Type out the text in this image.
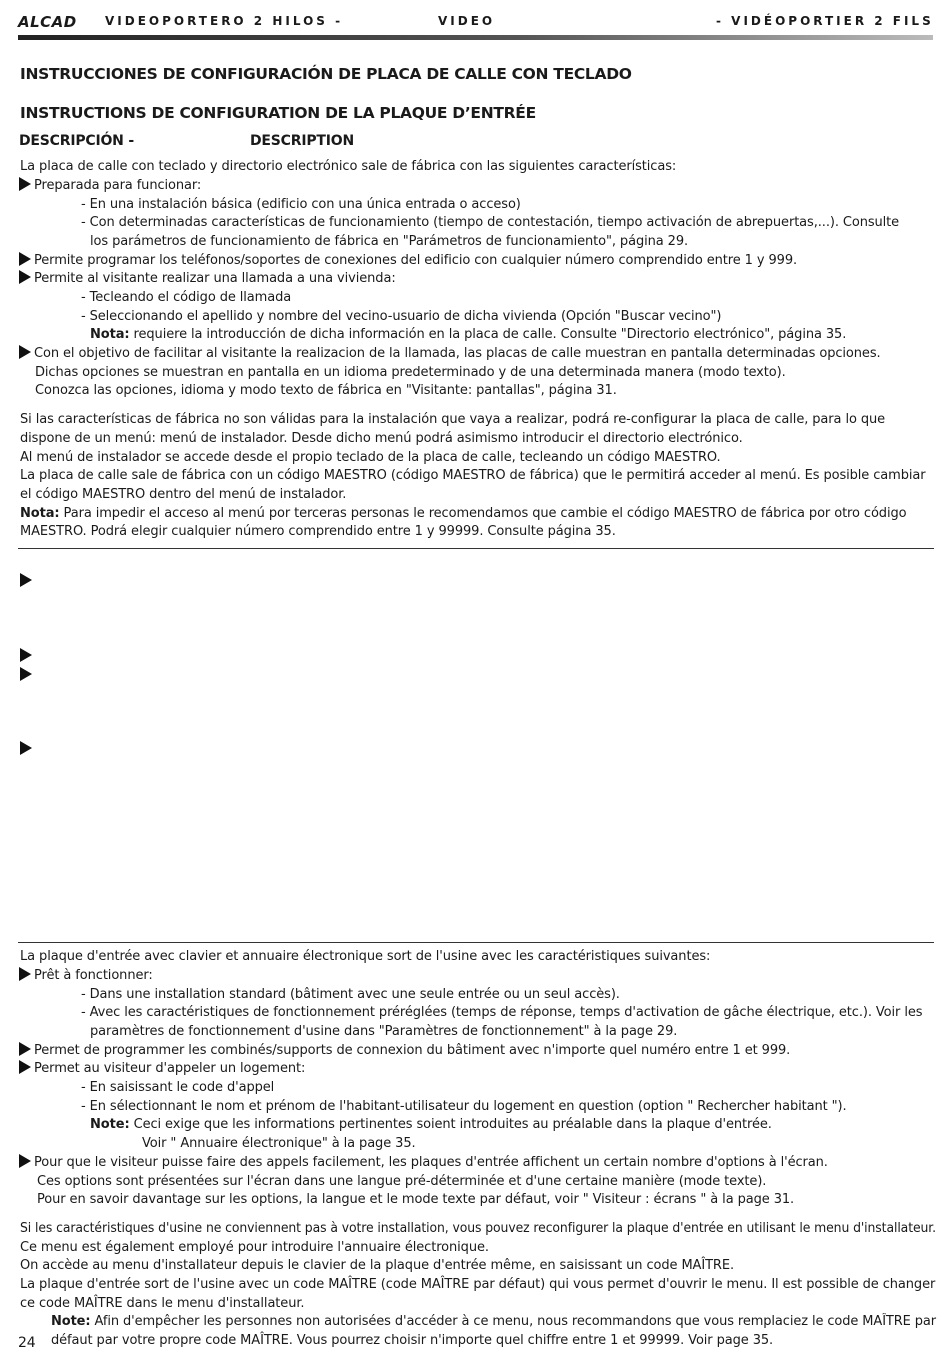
ALCAD VIDEOPORTERO 2 HILOS -	VIDEO	- VIDÉOPORTIER 2 FILS
INSTRUCCIONES DE CONFIGURACIÓN DE PLACA DE CALLE CON TECLADO
INSTRUCTIONS DE CONFIGURATION DE LA PLAQUE D’ENTRÉE
DESCRIPCIÓN -	DESCRIPTION
La placa de calle con teclado y directorio electrónico sale de fábrica con las siguientes características:
Preparada para funcionar:
- En una instalación básica (edificio con una única entrada o acceso)
- Con determinadas características de funcionamiento (tiempo de contestación, tiempo activación de abrepuertas,...). Consulte
los parámetros de funcionamiento de fábrica en "Parámetros de funcionamiento", página 29.
Permite programar los teléfonos/soportes de conexiones del edificio con cualquier número comprendido entre 1 y 999.
Permite al visitante realizar una llamada a una vivienda:
- Tecleando el código de llamada
- Seleccionando el apellido y nombre del vecino-usuario de dicha vivienda (Opción "Buscar vecino")
Nota: requiere la introducción de dicha información en la placa de calle. Consulte "Directorio electrónico", página 35.
Con el objetivo de facilitar al visitante la realizacion de la llamada, las placas de calle muestran en pantalla determinadas opciones.
Dichas opciones se muestran en pantalla en un idioma predeterminado y de una determinada manera (modo texto).
Conozca las opciones, idioma y modo texto de fábrica en "Visitante: pantallas", página 31.
Si las características de fábrica no son válidas para la instalación que vaya a realizar, podrá re-configurar la placa de calle, para lo que
dispone de un menú: menú de instalador. Desde dicho menú podrá asimismo introducir el directorio electrónico.
Al menú de instalador se accede desde el propio teclado de la placa de calle, tecleando un código MAESTRO.
La placa de calle sale de fábrica con un código MAESTRO (código MAESTRO de fábrica) que le permitirá acceder al menú. Es posible cambiar
el código MAESTRO dentro del menú de instalador.
Nota: Para impedir el acceso al menú por terceras personas le recomendamos que cambie el código MAESTRO de fábrica por otro código
MAESTRO. Podrá elegir cualquier número comprendido entre 1 y 99999. Consulte página 35.
La plaque d'entrée avec clavier et annuaire électronique sort de l'usine avec les caractéristiques suivantes:
Prêt à fonctionner:
- Dans une installation standard (bâtiment avec une seule entrée ou un seul accès).
- Avec les caractéristiques de fonctionnement préréglées (temps de réponse, temps d'activation de gâche électrique, etc.). Voir les
paramètres de fonctionnement d'usine dans "Paramètres de fonctionnement" à la page 29.
Permet de programmer les combinés/supports de connexion du bâtiment avec n'importe quel numéro entre 1 et 999.
Permet au visiteur d'appeler un logement:
- En saisissant le code d'appel
- En sélectionnant le nom et prénom de l'habitant-utilisateur du logement en question (option " Rechercher habitant ").
Note: Ceci exige que les informations pertinentes soient introduites au préalable dans la plaque d'entrée.
Voir " Annuaire électronique" à la page 35.
Pour que le visiteur puisse faire des appels facilement, les plaques d'entrée affichent un certain nombre d'options à l'écran.
Ces options sont présentées sur l'écran dans une langue pré-déterminée et d'une certaine manière (mode texte).
Pour en savoir davantage sur les options, la langue et le mode texte par défaut, voir " Visiteur : écrans " à la page 31.
Si les caractéristiques d'usine ne conviennent pas à votre installation, vous pouvez reconfigurer la plaque d'entrée en utilisant le menu d'installateur.
Ce menu est également employé pour introduire l'annuaire électronique.
On accède au menu d'installateur depuis le clavier de la plaque d'entrée même, en saisissant un code MAÎTRE.
La plaque d'entrée sort de l'usine avec un code MAÎTRE (code MAÎTRE par défaut) qui vous permet d'ouvrir le menu. Il est possible de changer
ce code MAÎTRE dans le menu d'installateur.
Note: Afin d'empêcher les personnes non autorisées d'accéder à ce menu, nous recommandons que vous remplaciez le code MAÎTRE par
défaut par votre propre code MAÎTRE. Vous pourrez choisir n'importe quel chiffre entre 1 et 99999. Voir page 35.
24
